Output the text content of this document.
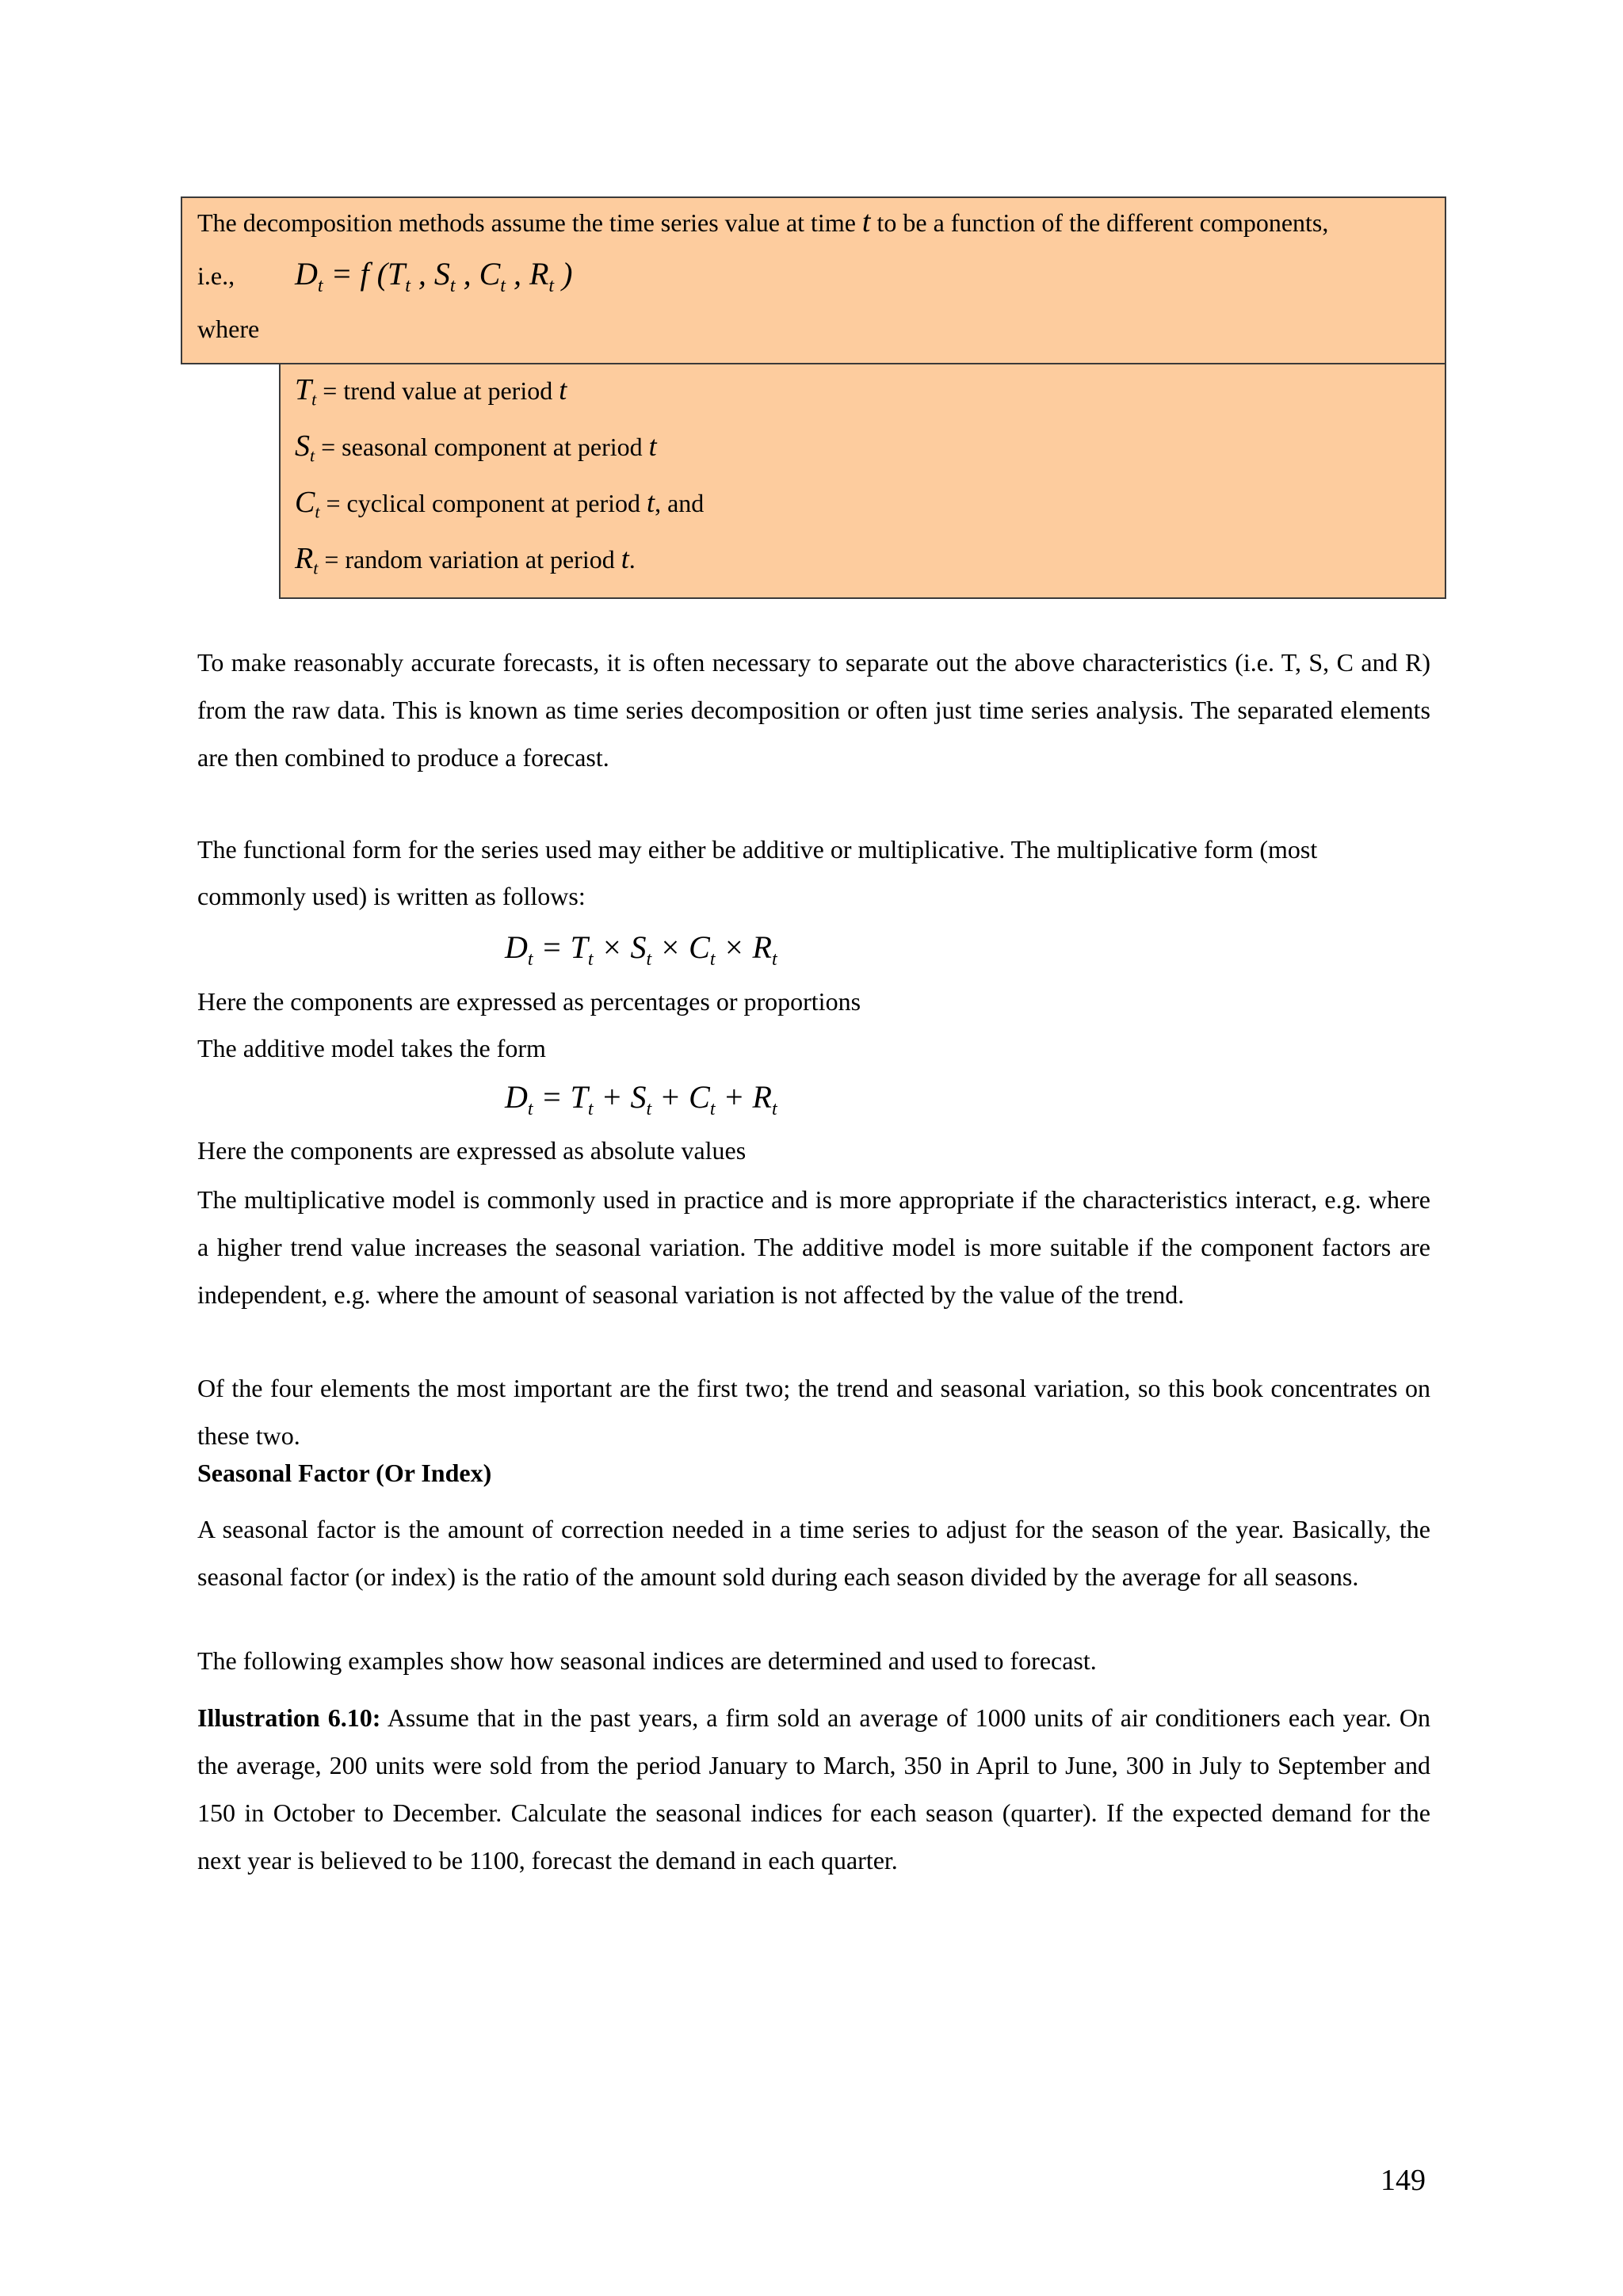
The decomposition methods assume the time series value at time t to be a function of the different components,
i.e., $D_t = f$ ($T_t$ , $S_t$ , $C_t$ , $R_t$ )
where
$T_t$ = trend value at period t
$S_t$ = seasonal component at period t
$C_t$ = cyclical component at period t, and
$R_t$ = random variation at period t.
To make reasonably accurate forecasts, it is often necessary to separate out the above characteristics (i.e. T, S, C and R) from the raw data. This is known as time series decomposition or often just time series analysis. The separated elements are then combined to produce a forecast.
The functional form for the series used may either be additive or multiplicative. The multiplicative form (most
commonly used) is written as follows:
$D_t = T_t \times S_t \times C_t \times R_t$
Here the components are expressed as percentages or proportions
The additive model takes the form
$D_t = T_t + S_t + C_t + R_t$
Here the components are expressed as absolute values
The multiplicative model is commonly used in practice and is more appropriate if the characteristics interact, e.g. where a higher trend value increases the seasonal variation. The additive model is more suitable if the component factors are independent, e.g. where the amount of seasonal variation is not affected by the value of the trend.
Of the four elements the most important are the first two; the trend and seasonal variation, so this book concentrates on these two.
Seasonal Factor (Or Index)
A seasonal factor is the amount of correction needed in a time series to adjust for the season of the year. Basically, the seasonal factor (or index) is the ratio of the amount sold during each season divided by the average for all seasons.
The following examples show how seasonal indices are determined and used to forecast.
Illustration 6.10: Assume that in the past years, a firm sold an average of 1000 units of air conditioners each year. On the average, 200 units were sold from the period January to March, 350 in April to June, 300 in July to September and 150 in October to December. Calculate the seasonal indices for each season (quarter). If the expected demand for the next year is believed to be 1100, forecast the demand in each quarter.
149
